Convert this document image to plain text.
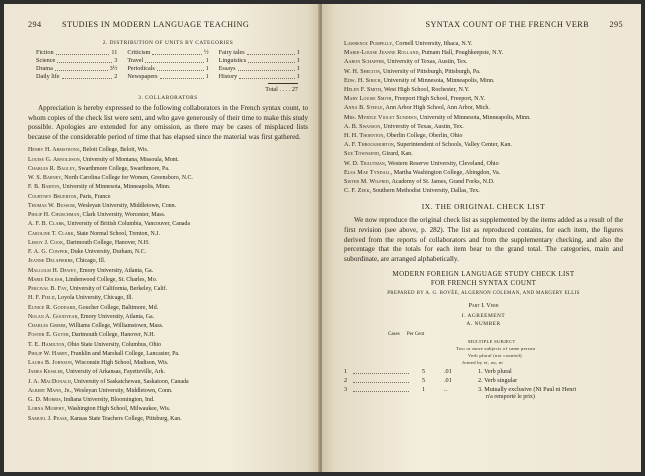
294	STUDIES IN MODERN LANGUAGE TEACHING
2. DISTRIBUTION OF UNITS BY CATEGORIES
Fiction	11 Criticism	½ Fairy tales	1
Science	3 Travel	1 Linguistics	1
Drama	3½ Periodicals	1 Essays	1
Daily life	2 Newspapers	1 History	1
Total . . . . 27
3. COLLABORATORS

Appreciation is hereby expressed to the following collaborators in the French syntax count, to whom copies of the check list were sent, and who gave generously of their time to make this study possible. Apologies are extended for any omission, as there may be cases of misplaced lists because of the considerable period of time that has elapsed since the material was first gathered.

Henry H. Armstrong, Beloit College, Beloit, Wis.
Louise G. Arnoldson, University of Montana, Missoula, Mont.
Charles R. Bagley, Swarthmore College, Swarthmore, Pa.
W. S. Barney, North Carolina College for Women, Greensboro, N.C.
F. B. Barton, University of Minnesota, Minneapolis, Minn.
Courtney Bruerton, Paris, France
Thomas W. Bussom, Wesleyan University, Middletown, Conn.
Philip H. Churchman, Clark University, Worcester, Mass.
A. F. B. Clark, University of British Columbia, Vancouver, Canada
Caroline T. Clark, State Normal School, Trenton, N.J.
Leroy J. Cook, Dartmouth College, Hanover, N.H.
F. A. G. Cowper, Duke University, Durham, N.C.
Jeanne Delapierre, Chicago, Ill.
Malcolm H. Dewey, Emory University, Atlanta, Ga.
Marie Dolesh, Lindenwood College, St. Charles, Mo.
Percival B. Fay, University of California, Berkeley, Calif.
H. F. Field, Loyola University, Chicago, Ill.
Eunice R. Goddard, Goucher College, Baltimore, Md.
Nolan A. Goodyear, Emory University, Atlanta, Ga.
Charles Grimm, Williams College, Williamstown, Mass.
Foster E. Guyer, Dartmouth College, Hanover, N.H.
T. E. Hamilton, Ohio State University, Columbus, Ohio
Philip W. Harry, Franklin and Marshall College, Lancaster, Pa.
Laura B. Johnson, Wisconsin High School, Madison, Wis.
James Kessler, University of Arkansas, Fayetteville, Ark.
J. A. MacDonald, University of Saskatchewan, Saskatoon, Canada
Albert Mann, Jr., Wesleyan University, Middletown, Conn.
G. D. Morris, Indiana University, Bloomington, Ind.
Lorna Murphy, Washington High School, Milwaukee, Wis.
Samuel J. Pease, Kansas State Teachers College, Pittsburg, Kan.
SYNTAX COUNT OF THE FRENCH VERB	295
Lawrence Pumpelly, Cornell University, Ithaca, N.Y.
Marie-Louise Jeanne Rolland, Putnam Hall, Poughkeepsie, N.Y.
Aaron Schaffer, University of Texas, Austin, Tex.
W. H. Shelton, University of Pittsburgh, Pittsburgh, Pa.
Edw. H. Sirich, University of Minnesota, Minneapolis, Minn.
Helen F. Smith, West High School, Rochester, N.Y.
Mary Louise Smith, Freeport High School, Freeport, N.Y.
Anna B. Steele, Ann Arbor High School, Ann Arbor, Mich.
Mrs. Myrtle Violet Sundeen, University of Minnesota, Minneapolis, Minn.
A. B. Swanson, University of Texas, Austin, Tex.
H. H. Thornton, Oberlin College, Oberlin, Ohio
A. F. Throckmorton, Superintendent of Schools, Valley Center, Kan.
Sue Townsend, Girard, Kan.
W. D. Trautman, Western Reserve University, Cleveland, Ohio
Elsa Mae Tyndall, Martha Washington College, Abingdon, Va.
Sister M. Wilfrid, Academy of St. James, Grand Forks, N.D.
C. F. Zeek, Southern Methodist University, Dallas, Tex.
IX. THE ORIGINAL CHECK LIST

We now reproduce the original check list as supplemented by the items added as a result of the first revision (see above, p. 282). The list as reproduced contains, for each item, the figures derived from the reports of collaborators and from the supplementary checking, and also the percentage that the totals for each item bear to the grand total. The categories, main and subordinate, are arranged alphabetically.

MODERN FOREIGN LANGUAGE STUDY CHECK LIST
FOR FRENCH SYNTAX COUNT
PREPARED BY A. G. BOVÉE, ALGERNON COLEMAN, AND MARGERY ELLIS
Part I. Verb
I. AGREEMENT
A. NUMBER
Cases Per Cent
MULTIPLE SUBJECT
Two or more subjects of same person
Verb plural (not counted)
Joined by et, ou, ni
1	5	.01	1. Verb plural
2	5	.01	2. Verb singular
3	1	..	3. Mutually exclusive (Ni Paul ni Henri
n'a remporté le prix)
